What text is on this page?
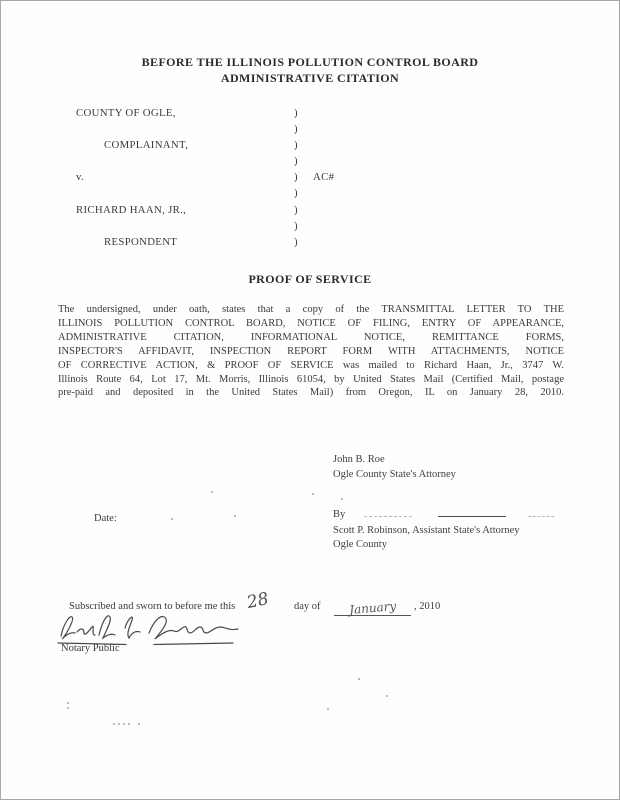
BEFORE THE ILLINOIS POLLUTION CONTROL BOARD
ADMINISTRATIVE CITATION
COUNTY OF OGLE,	)
)
COMPLAINANT,	)
)
v.	) AC#
)
RICHARD HAAN, JR.,	)
)
RESPONDENT	)
PROOF OF SERVICE
The undersigned, under oath, states that a copy of the TRANSMITTAL LETTER TO THE
ILLINOIS POLLUTION CONTROL BOARD, NOTICE OF FILING, ENTRY OF APPEARANCE,
ADMINISTRATIVE CITATION, INFORMATIONAL NOTICE, REMITTANCE FORMS,
INSPECTOR'S AFFIDAVIT, INSPECTION REPORT FORM WITH ATTACHMENTS, NOTICE
OF CORRECTIVE ACTION, & PROOF OF SERVICE was mailed to Richard Haan, Jr., 3747 W.
Illinois Route 64, Lot 17, Mt. Morris, Illinois 61054, by United States Mail (Certified Mail, postage
pre-paid and deposited in the United States Mail) from Oregon, IL on January 28, 2010.
John B. Roe
Ogle County State's Attorney
Date:	By
Scott P. Robinson, Assistant State's Attorney
Ogle County
Subscribed and sworn to before me this 28 day of	January	, 2010
Notary Public
